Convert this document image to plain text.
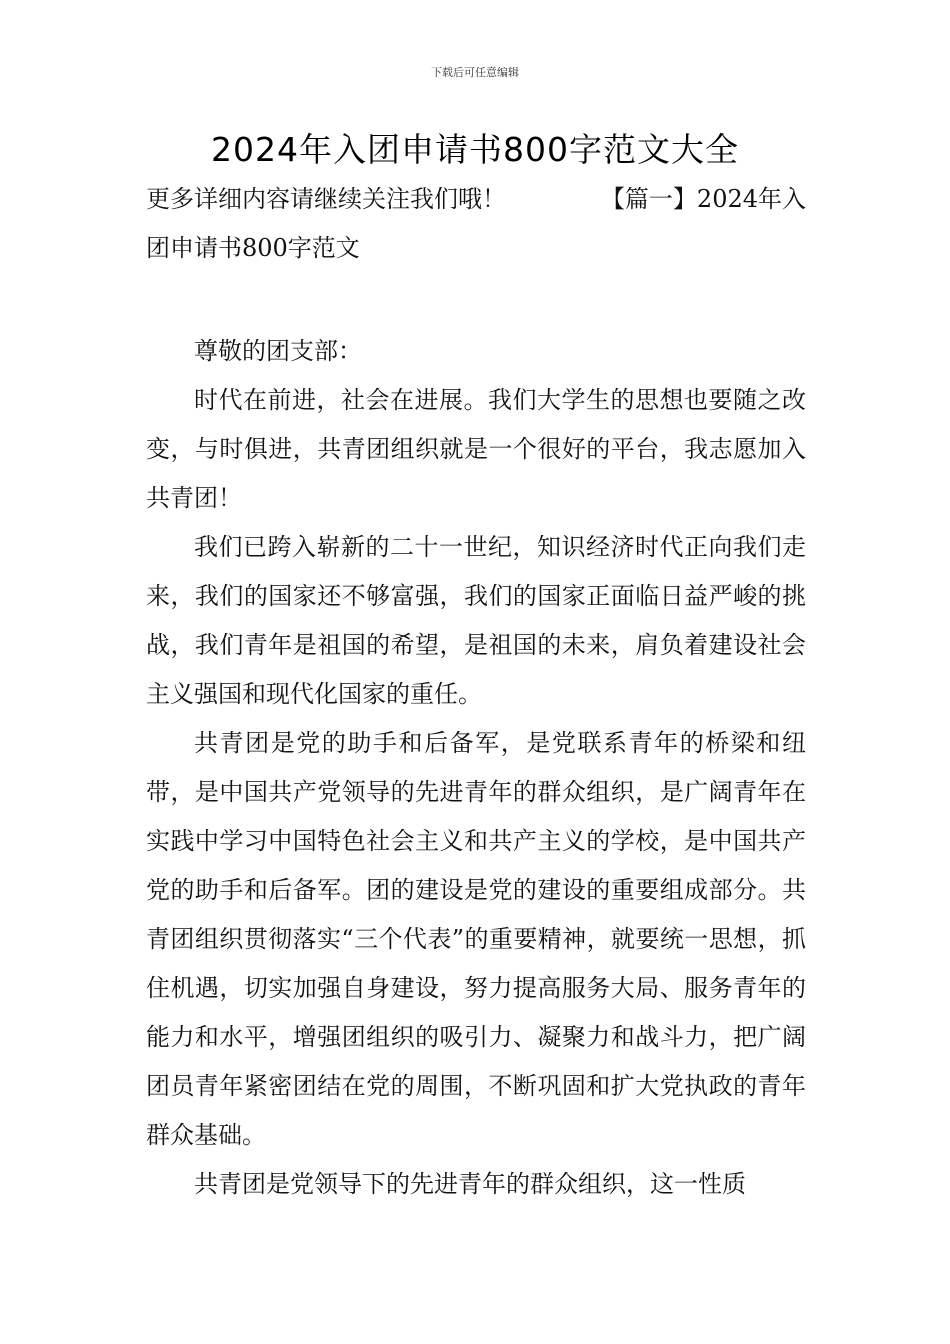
下载后可任意编辑
2024年入团申请书800字范文大全
更多详细内容请继续关注我们哦！	【篇一】2024年入
团申请书800字范文

尊敬的团支部：

时代在前进，社会在进展。我们大学生的思想也要随之改变，与时俱进，共青团组织就是一个很好的平台，我志愿加入共青团！

我们已跨入崭新的二十一世纪，知识经济时代正向我们走来，我们的国家还不够富强，我们的国家正面临日益严峻的挑战，我们青年是祖国的希望，是祖国的未来，肩负着建设社会主义强国和现代化国家的重任。

共青团是党的助手和后备军，是党联系青年的桥梁和纽带，是中国共产党领导的先进青年的群众组织，是广阔青年在实践中学习中国特色社会主义和共产主义的学校，是中国共产党的助手和后备军。团的建设是党的建设的重要组成部分。共青团组织贯彻落实“三个代表”的重要精神，就要统一思想，抓住机遇，切实加强自身建设，努力提高服务大局、服务青年的能力和水平，增强团组织的吸引力、凝聚力和战斗力，把广阔团员青年紧密团结在党的周围，不断巩固和扩大党执政的青年群众基础。

共青团是党领导下的先进青年的群众组织，这一性质
